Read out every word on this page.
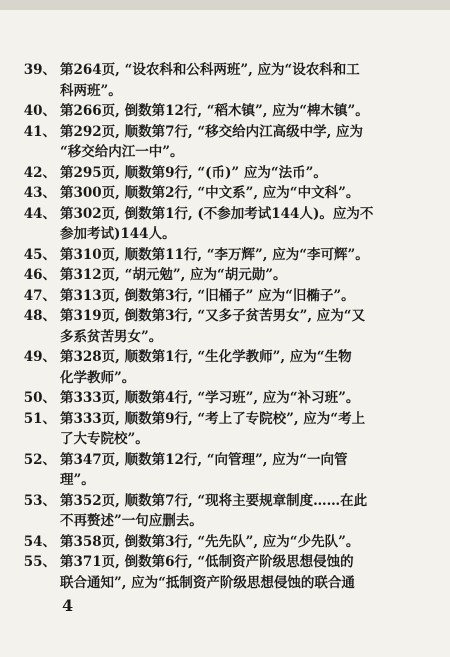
39、 第264页, “设农科和公科两班”, 应为“设农科和工
科两班”。
40、 第266页, 倒数第12行, “稻木镇”, 应为“椑木镇”。
41、 第292页, 顺数第7行, “移交给内江高级中学, 应为
“移交给内江一中”。
42、 第295页, 顺数第9行, “(币)” 应为“法币”。
43、 第300页, 顺数第2行, “中文系”, 应为“中文科”。
44、 第302页, 倒数第1行, (不参加考试144人)。应为不
参加考试)144人。
45、 第310页, 顺数第11行, “李万辉”, 应为“李可辉”。
46、 第312页, “胡元勉”, 应为“胡元勋”。
47、 第313页, 倒数第3行, “旧桶子” 应为“旧椭子”。
48、 第319页, 倒数第3行, “又多子贫苦男女”, 应为“又
多系贫苦男女”。
49、 第328页, 顺数第1行, “生化学教师”, 应为“生物
化学教师”。
50、 第333页, 顺数第4行, “学习班”, 应为“补习班”。
51、 第333页, 顺数第9行, “考上了专院校”, 应为“考上
了大专院校”。
52、 第347页, 顺数第12行, “向管理”, 应为“一向管
理”。
53、 第352页, 顺数第7行, “现将主要规章制度……在此
不再赘述”一句应删去。
54、 第358页, 倒数第3行, “先先队”, 应为“少先队”。
55、 第371页, 倒数第6行, “低制资产阶级思想侵蚀的
联合通知”, 应为“抵制资产阶级思想侵蚀的联合通
4
